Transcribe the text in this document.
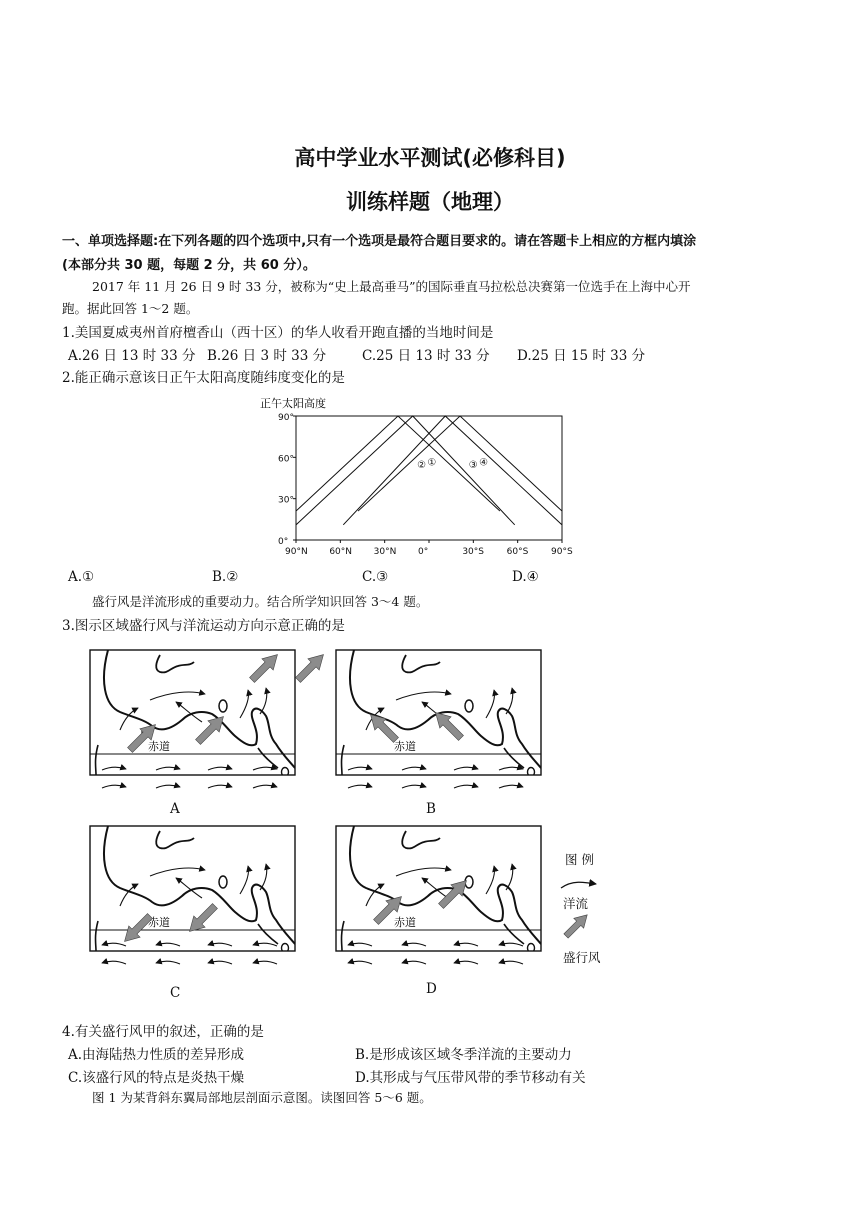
高中学业水平测试(必修科目)
训练样题（地理）
一、单项选择题:在下列各题的四个选项中,只有一个选项是最符合题目要求的。请在答题卡上相应的方框内填涂
(本部分共 30 题，每题 2 分，共 60 分）。
2017 年 11 月 26 日 9 时 33 分，被称为“史上最高垂马”的国际垂直马拉松总决赛第一位选手在上海中心开
跑。据此回答 1～2 题。
1.美国夏威夷州首府檀香山（西十区）的华人收看开跑直播的当地时间是
A.26 日 13 时 33 分 B.26 日 3 时 33 分	C.25 日 13 时 33 分 D.25 日 15 时 33 分
2.能正确示意该日正午太阳高度随纬度变化的是
正午太阳高度
0°
30°
60°
90°
90°N 60°N 30°N 0°	30°S	60°S	90°S
①
②	③ ④
A.①	B.②	C.③	D.④
盛行风是洋流形成的重要动力。结合所学知识回答 3～4 题。
3.图示区域盛行风与洋流运动方向示意正确的是
赤道	赤道
赤道	赤道
A	B
C	D
图 例
洋流
盛行风
4.有关盛行风甲的叙述，正确的是
A.由海陆热力性质的差异形成	B.是形成该区域冬季洋流的主要动力
C.该盛行风的特点是炎热干燥	D.其形成与气压带风带的季节移动有关
图 1 为某背斜东翼局部地层剖面示意图。读图回答 5～6 题。
